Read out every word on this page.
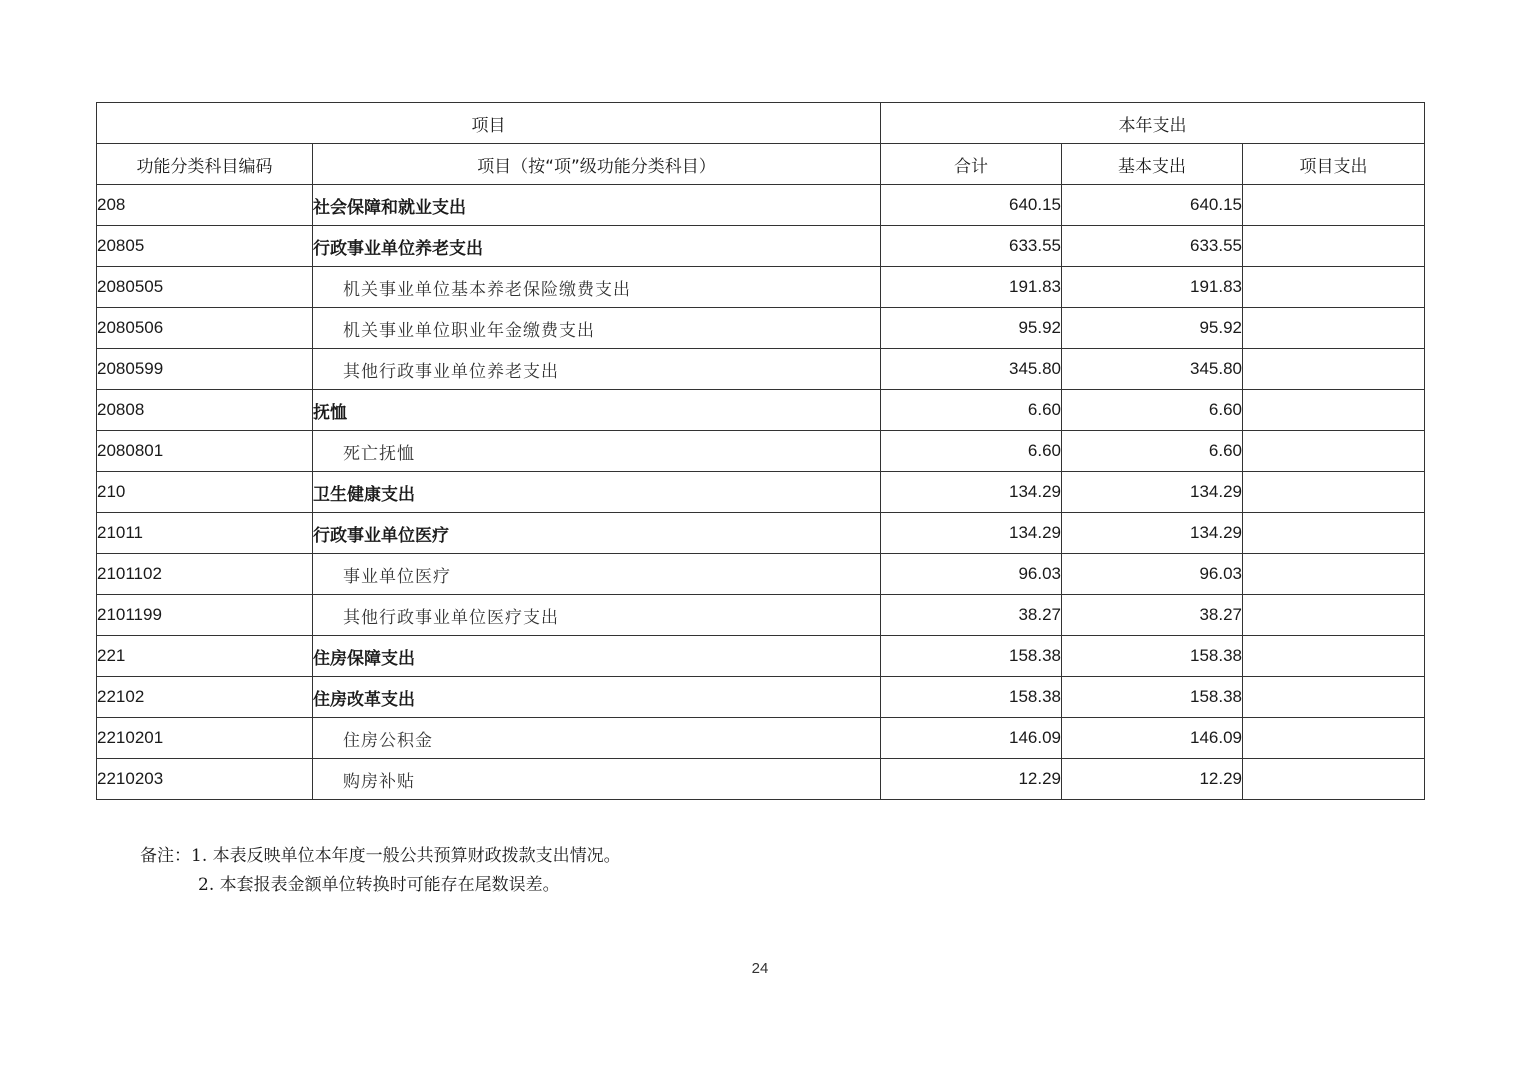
项目		本年支出		
功能分类科目编码	项目（按“项”级功能分类科目）	合计	基本支出	项目支出
208	社会保障和就业支出	640.15	640.15	
20805	行政事业单位养老支出	633.55	633.55	
2080505	机关事业单位基本养老保险缴费支出	191.83	191.83	
2080506	机关事业单位职业年金缴费支出	95.92	95.92	
2080599	其他行政事业单位养老支出	345.80	345.80	
20808	抚恤	6.60	6.60	
2080801	死亡抚恤	6.60	6.60	
210	卫生健康支出	134.29	134.29	
21011	行政事业单位医疗	134.29	134.29	
2101102	事业单位医疗	96.03	96.03	
2101199	其他行政事业单位医疗支出	38.27	38.27	
221	住房保障支出	158.38	158.38	
22102	住房改革支出	158.38	158.38	
2210201	住房公积金	146.09	146.09	
2210203	购房补贴	12.29	12.29	
备注：1. 本表反映单位本年度一般公共预算财政拨款支出情况。
2. 本套报表金额单位转换时可能存在尾数误差。
24
